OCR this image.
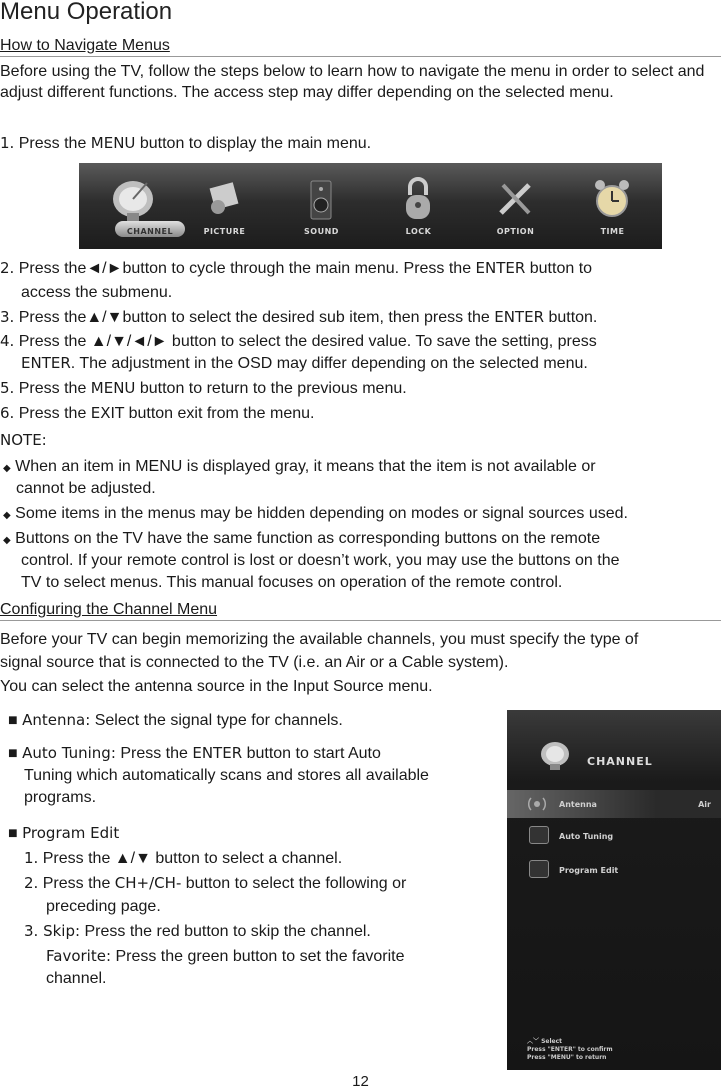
Menu Operation
How to Navigate Menus
Before using the TV, follow the steps below to learn how to navigate the menu in order to select and adjust different functions. The access step may differ depending on the selected menu.
1. Press the MENU button to display the main menu.
CHANNEL	PICTURE	SOUND	LOCK	OPTION	TIME
2. Press the◄/►button to cycle through the main menu. Press the ENTER button to
access the submenu.
3. Press the▲/▼button to select the desired sub item, then press the ENTER button.
4. Press the ▲/▼/◄/► button to select the desired value. To save the setting, press
ENTER. The adjustment in the OSD may differ depending on the selected menu.
5. Press the MENU button to return to the previous menu.
6. Press the EXIT button exit from the menu.
NOTE:
◆ When an item in MENU is displayed gray, it means that the item is not available or
cannot be adjusted.
◆ Some items in the menus may be hidden depending on modes or signal sources used.
◆ Buttons on the TV have the same function as corresponding buttons on the remote
control. If your remote control is lost or doesn’t work, you may use the buttons on the
TV to select menus. This manual focuses on operation of the remote control.
Configuring the Channel Menu
Before your TV can begin memorizing the available channels, you must specify the type of
signal source that is connected to the TV (i.e. an Air or a Cable system).
You can select the antenna source in the Input Source menu.
■ Antenna: Select the signal type for channels.
■ Auto Tuning: Press the ENTER button to start Auto
Tuning which automatically scans and stores all available
programs.
■ Program Edit
1. Press the ▲/▼ button to select a channel.
2. Press the CH+/CH- button to select the following or
preceding page.
3. Skip: Press the red button to skip the channel.
Favorite: Press the green button to set the favorite
channel.
CHANNEL
Antenna	Air
Auto Tuning
Program Edit
︿﹀ Select
Press "ENTER" to confirm
Press "MENU" to return
12
